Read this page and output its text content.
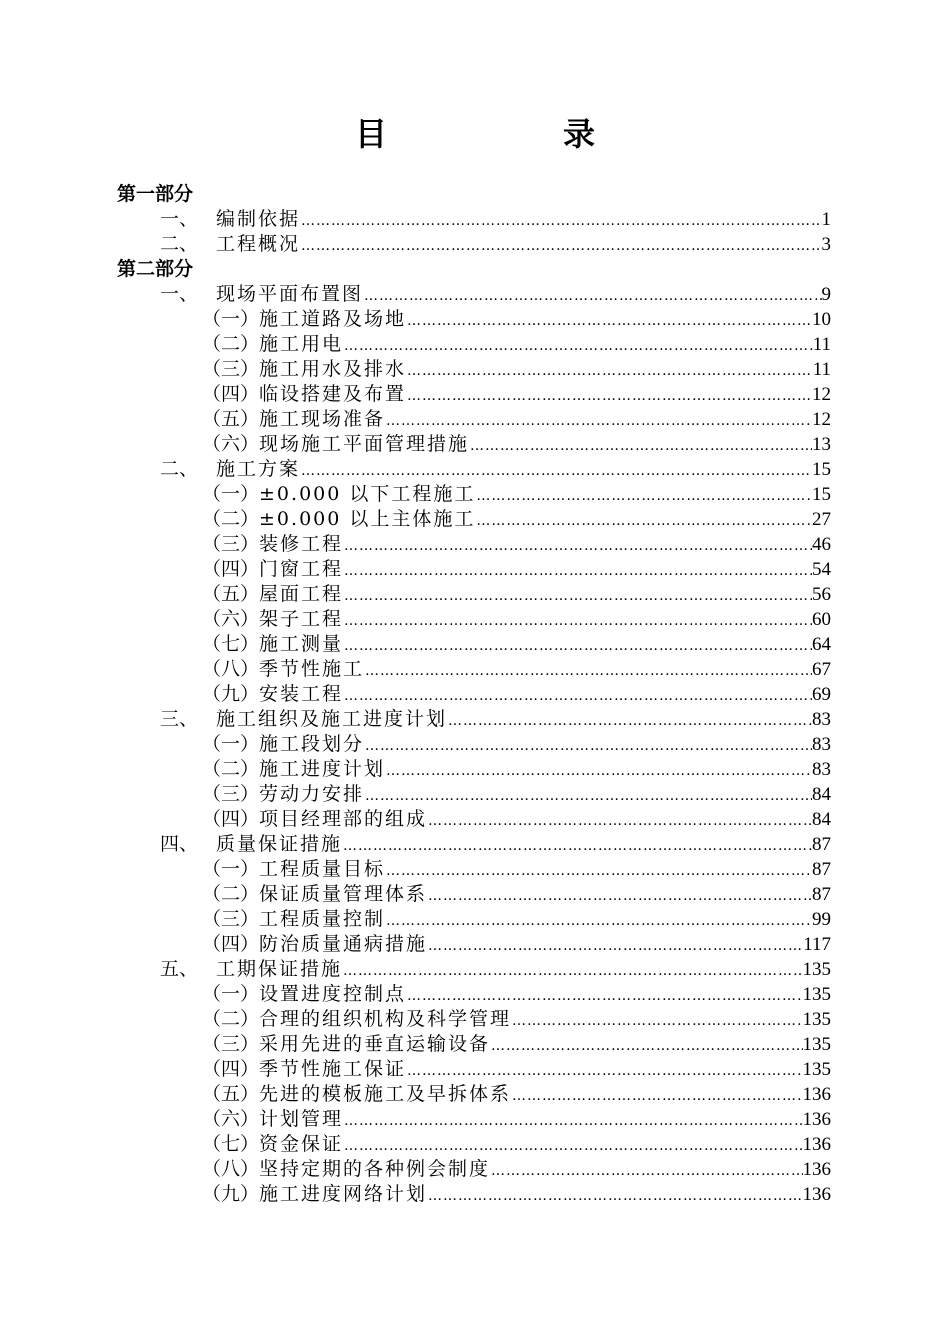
目　录
第一部分
一、 编制依据 ……………………………………………………………………………………………………………………………………………………………………………………	1
二、 工程概况 ……………………………………………………………………………………………………………………………………………………………………………………	3
第二部分
一、 现场平面布置图 ……………………………………………………………………………………………………………………………………………………………………………………	9
（一） 施工道路及场地 ……………………………………………………………………………………………………………………………………………………………………………………	10
（二） 施工用电 ……………………………………………………………………………………………………………………………………………………………………………………	11
（三） 施工用水及排水 ……………………………………………………………………………………………………………………………………………………………………………………	11
（四） 临设搭建及布置 ……………………………………………………………………………………………………………………………………………………………………………………	12
（五） 施工现场准备 ……………………………………………………………………………………………………………………………………………………………………………………	12
（六） 现场施工平面管理措施 ……………………………………………………………………………………………………………………………………………………………………………………	13
二、 施工方案 ……………………………………………………………………………………………………………………………………………………………………………………	15
（一） ±0.000 以下工程施工 ……………………………………………………………………………………………………………………………………………………………………………………	15
（二） ±0.000 以上主体施工 ……………………………………………………………………………………………………………………………………………………………………………………	27
（三） 装修工程 ……………………………………………………………………………………………………………………………………………………………………………………	46
（四） 门窗工程 ……………………………………………………………………………………………………………………………………………………………………………………	54
（五） 屋面工程 ……………………………………………………………………………………………………………………………………………………………………………………	56
（六） 架子工程 ……………………………………………………………………………………………………………………………………………………………………………………	60
（七） 施工测量 ……………………………………………………………………………………………………………………………………………………………………………………	64
（八） 季节性施工 ……………………………………………………………………………………………………………………………………………………………………………………	67
（九） 安装工程 ……………………………………………………………………………………………………………………………………………………………………………………	69
三、 施工组织及施工进度计划 ……………………………………………………………………………………………………………………………………………………………………………………	83
（一） 施工段划分 ……………………………………………………………………………………………………………………………………………………………………………………	83
（二） 施工进度计划 ……………………………………………………………………………………………………………………………………………………………………………………	83
（三） 劳动力安排 ……………………………………………………………………………………………………………………………………………………………………………………	84
（四） 项目经理部的组成 ……………………………………………………………………………………………………………………………………………………………………………………	84
四、 质量保证措施 ……………………………………………………………………………………………………………………………………………………………………………………	87
（一） 工程质量目标 ……………………………………………………………………………………………………………………………………………………………………………………	87
（二） 保证质量管理体系 ……………………………………………………………………………………………………………………………………………………………………………………	87
（三） 工程质量控制 ……………………………………………………………………………………………………………………………………………………………………………………	99
（四） 防治质量通病措施 ……………………………………………………………………………………………………………………………………………………………………………………	117
五、 工期保证措施 ……………………………………………………………………………………………………………………………………………………………………………………	135
（一） 设置进度控制点 ……………………………………………………………………………………………………………………………………………………………………………………	135
（二） 合理的组织机构及科学管理 ……………………………………………………………………………………………………………………………………………………………………………………	135
（三） 采用先进的垂直运输设备 ……………………………………………………………………………………………………………………………………………………………………………………	135
（四） 季节性施工保证 ……………………………………………………………………………………………………………………………………………………………………………………	135
（五） 先进的模板施工及早拆体系 ……………………………………………………………………………………………………………………………………………………………………………………	136
（六） 计划管理 ……………………………………………………………………………………………………………………………………………………………………………………	136
（七） 资金保证 ……………………………………………………………………………………………………………………………………………………………………………………	136
（八） 坚持定期的各种例会制度 ……………………………………………………………………………………………………………………………………………………………………………………	136
（九） 施工进度网络计划 ……………………………………………………………………………………………………………………………………………………………………………………	136
